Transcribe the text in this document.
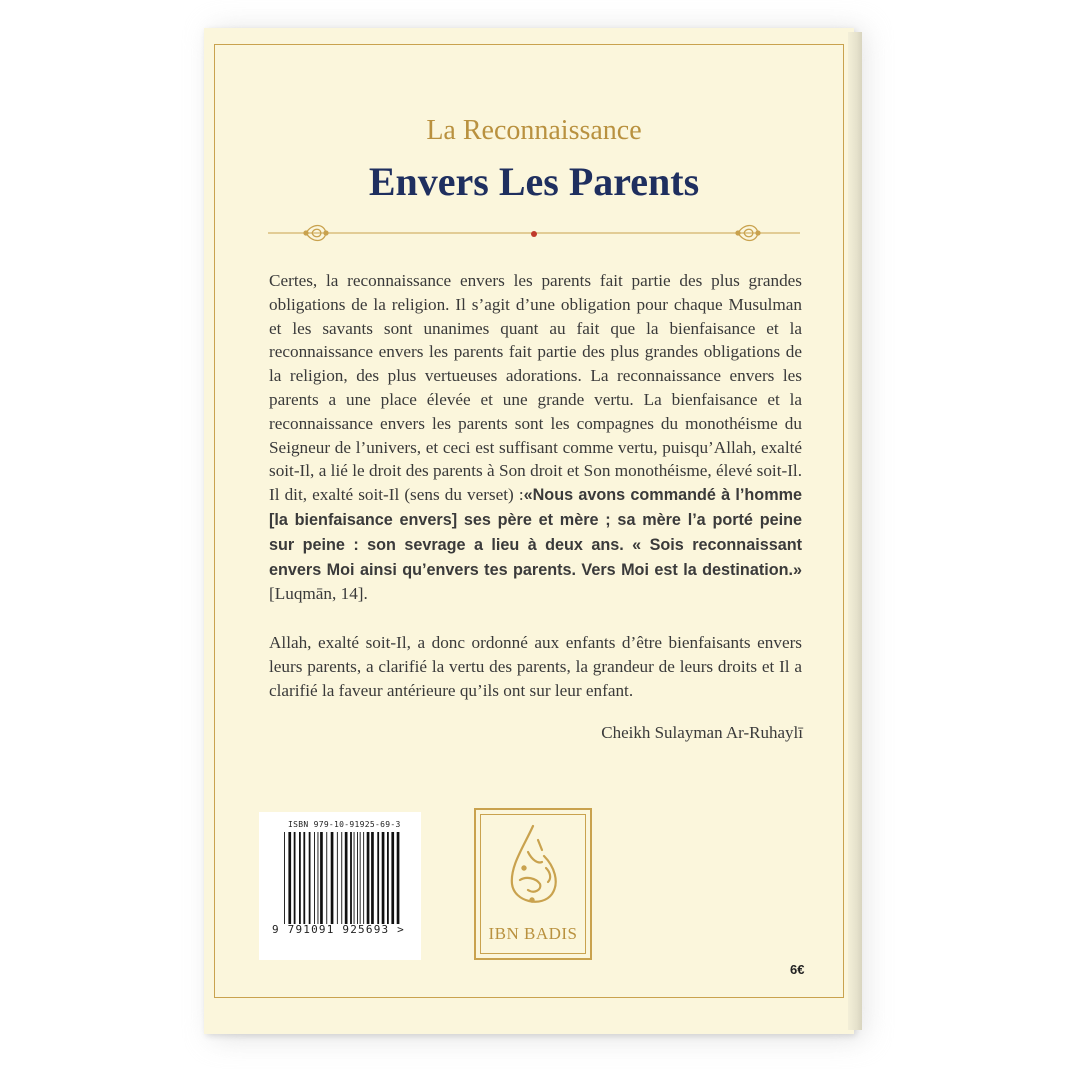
La Reconnaissance
Envers Les Parents

Certes, la reconnaissance envers les parents fait partie des plus grandes obligations de la religion. Il s’agit d’une obligation pour chaque Musulman et les savants sont unanimes quant au fait que la bienfaisance et la reconnaissance envers les parents fait partie des plus grandes obligations de la religion, des plus vertueuses adorations. La reconnaissance envers les parents a une place élevée et une grande vertu. La bienfaisance et la reconnaissance envers les parents sont les compagnes du monothéisme du Seigneur de l’univers, et ceci est suffisant comme vertu, puisqu’Allah, exalté soit-Il, a lié le droit des parents à Son droit et Son monothéisme, élevé soit-Il. Il dit, exalté soit-Il (sens du verset) :«Nous avons commandé à l’homme [la bienfaisance envers] ses père et mère ; sa mère l’a porté peine sur peine : son sevrage a lieu à deux ans. « Sois reconnaissant envers Moi ainsi qu’envers tes parents. Vers Moi est la destination.» [Luqmān, 14].

Allah, exalté soit-Il, a donc ordonné aux enfants d’être bienfaisants envers leurs parents, a clarifié la vertu des parents, la grandeur de leurs droits et Il a clarifié la faveur antérieure qu’ils ont sur leur enfant.

Cheikh Sulayman Ar-Ruhaylī
ISBN 979-10-91925-69-3
9 791091 925693 >	IBN BADIS
6€
